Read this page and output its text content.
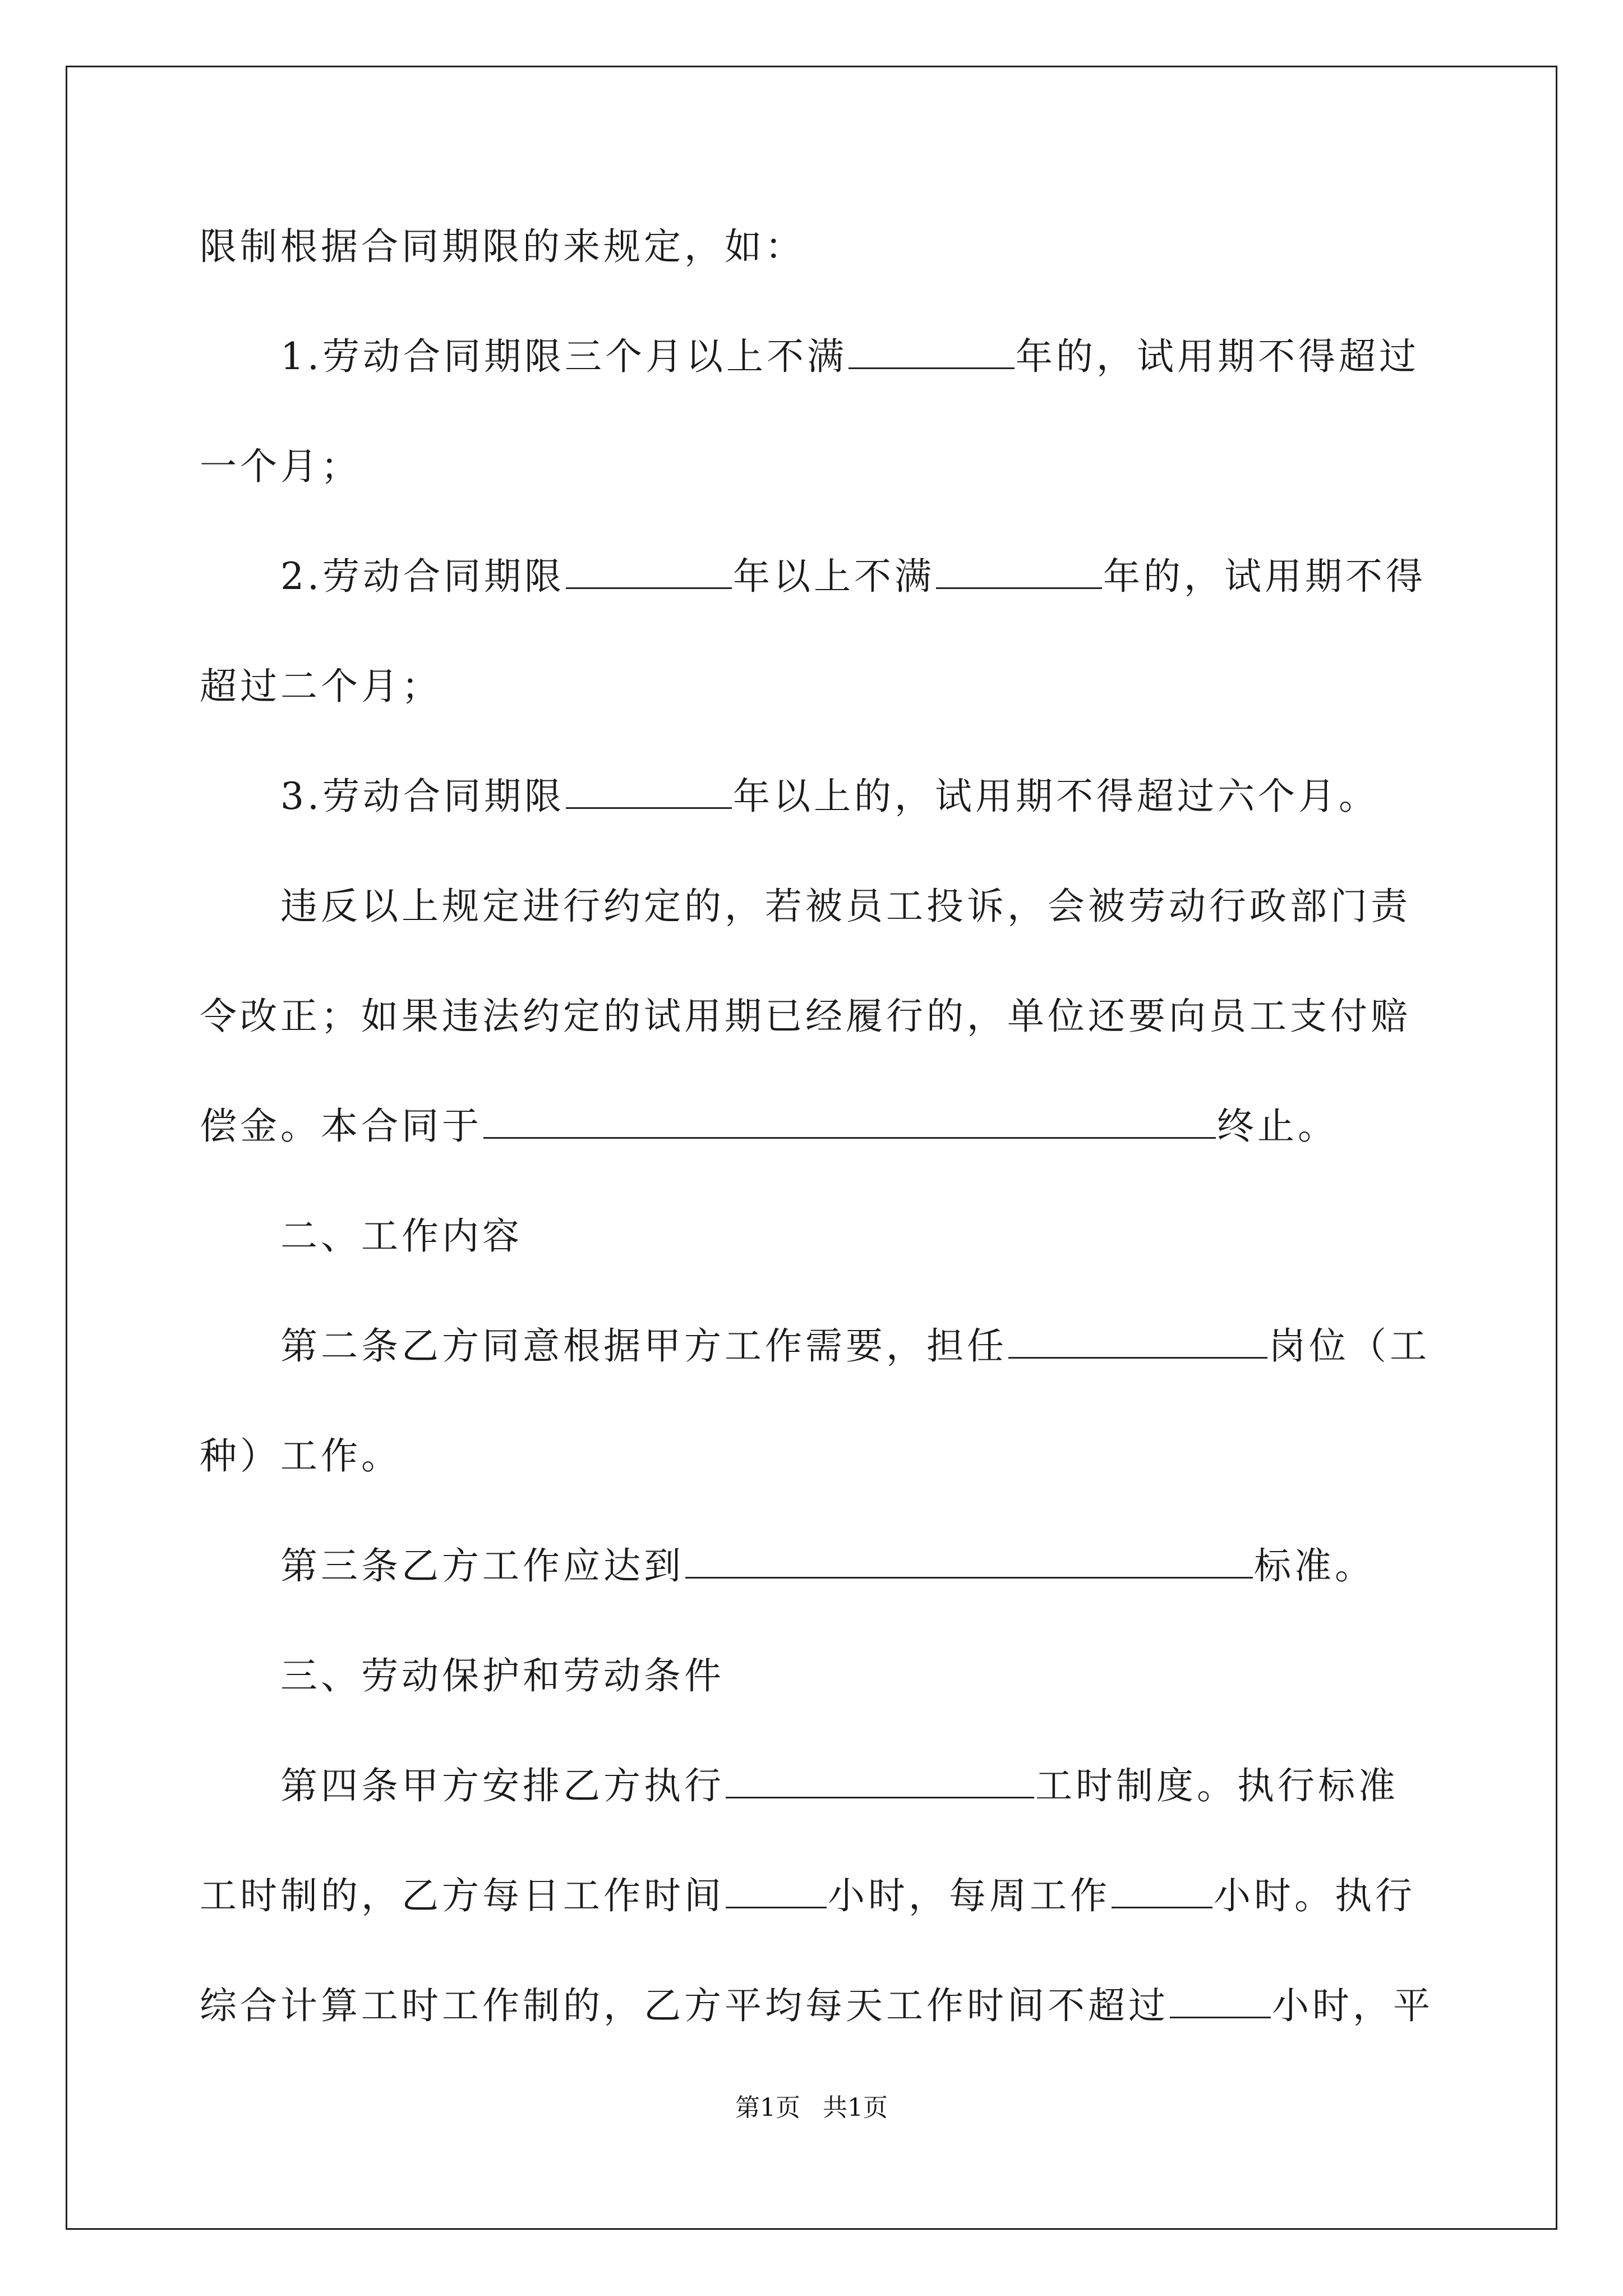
限制根据合同期限的来规定，如：
1.劳动合同期限三个月以上不满	年的，试用期不得超过
一个月；
2.劳动合同期限	年以上不满	年的，试用期不得
超过二个月；
3.劳动合同期限	年以上的，试用期不得超过六个月。
违反以上规定进行约定的，若被员工投诉，会被劳动行政部门责
令改正；如果违法约定的试用期已经履行的，单位还要向员工支付赔
偿金。本合同于	终止。
二、工作内容
第二条乙方同意根据甲方工作需要，担任	岗位（工
种）工作。
第三条乙方工作应达到	标准。
三、劳动保护和劳动条件
第四条甲方安排乙方执行	工时制度。执行标准
工时制的，乙方每日工作时间	小时，每周工作	小时。执行
综合计算工时工作制的，乙方平均每天工作时间不超过	小时，平
第1页 共1页
